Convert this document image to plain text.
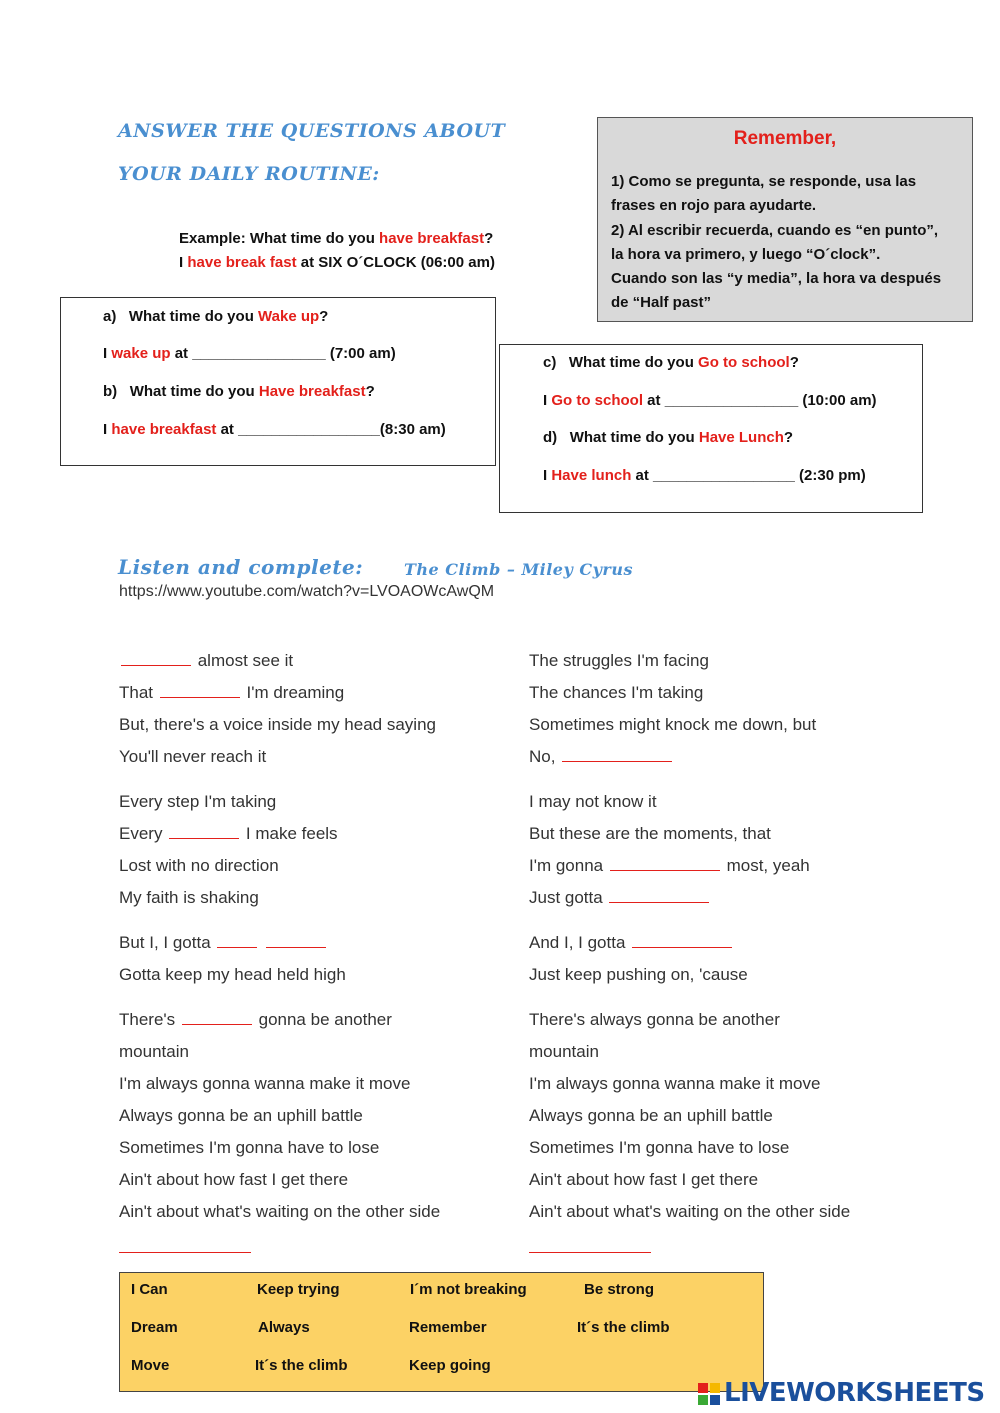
ANSWER THE QUESTIONS ABOUT
YOUR DAILY ROUTINE:
Example: What time do you have breakfast?
I have break fast at SIX O´CLOCK (06:00 am)
Remember,
1) Como se pregunta, se responde, usa las
frases en rojo para ayudarte.
2) Al escribir recuerda, cuando es “en punto”,
la hora va primero, y luego “O´clock”.
Cuando son las “y media”, la hora va después
de “Half past”
a) What time do you Wake up?
I wake up at ________________ (7:00 am)
b) What time do you Have breakfast?
I have breakfast at _________________(8:30 am)
c) What time do you Go to school?
I Go to school at ________________ (10:00 am)
d) What time do you Have Lunch?
I Have lunch at _________________ (2:30 pm)
Listen and complete:	The Climb – Miley Cyrus
https://www.youtube.com/watch?v=LVOAOWcAwQM
almost see it
That	I'm dreaming
But, there's a voice inside my head saying
You'll never reach it
Every step I'm taking
Every	I make feels
Lost with no direction
My faith is shaking
But I, I gotta
Gotta keep my head held high
There's	gonna be another
mountain
I'm always gonna wanna make it move
Always gonna be an uphill battle
Sometimes I'm gonna have to lose
Ain't about how fast I get there
Ain't about what's waiting on the other side
The struggles I'm facing
The chances I'm taking
Sometimes might knock me down, but
No,
I may not know it
But these are the moments, that
I'm gonna	most, yeah
Just gotta
And I, I gotta
Just keep pushing on, 'cause
There's always gonna be another
mountain
I'm always gonna wanna make it move
Always gonna be an uphill battle
Sometimes I'm gonna have to lose
Ain't about how fast I get there
Ain't about what's waiting on the other side
I Can	Keep trying	I´m not breaking	Be strong
Dream	Always	Remember	It´s the climb
Move	It´s the climb	Keep going
LIVEWORKSHEETS
